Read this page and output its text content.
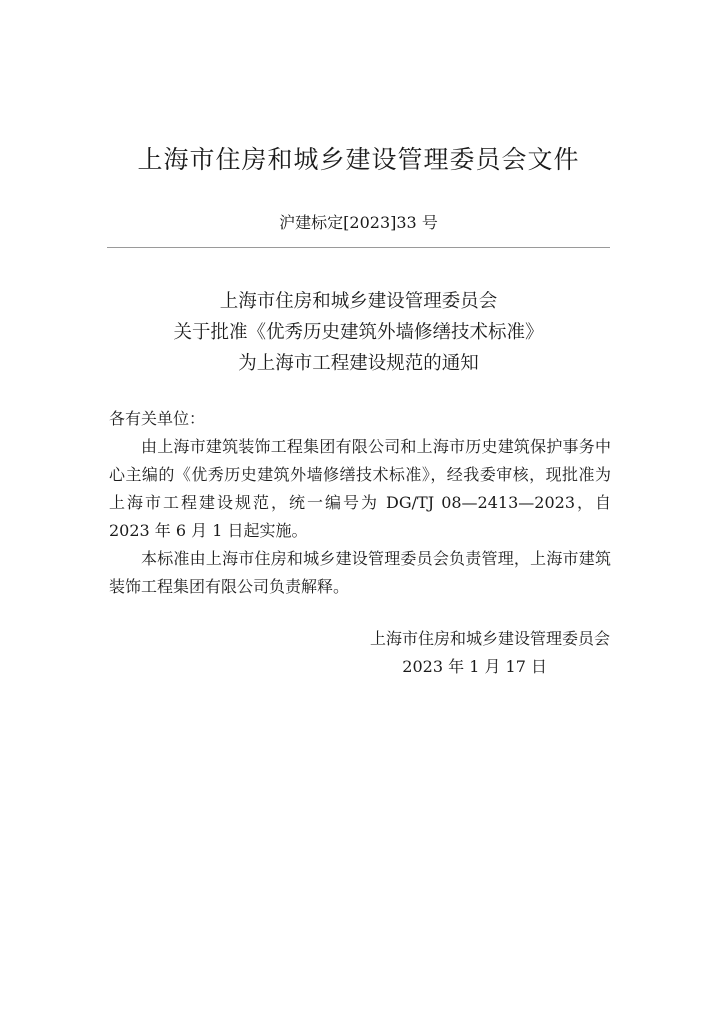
上海市住房和城乡建设管理委员会文件
沪建标定[2023]33 号
上海市住房和城乡建设管理委员会
关于批准《优秀历史建筑外墙修缮技术标准》
为上海市工程建设规范的通知
各有关单位：

由上海市建筑装饰工程集团有限公司和上海市历史建筑保护事务中心主编的《优秀历史建筑外墙修缮技术标准》，经我委审核，现批准为上海市工程建设规范，统一编号为 DG/TJ 08—2413—2023，自 2023 年 6 月 1 日起实施。

本标准由上海市住房和城乡建设管理委员会负责管理，上海市建筑装饰工程集团有限公司负责解释。

上海市住房和城乡建设管理委员会
2023 年 1 月 17 日
